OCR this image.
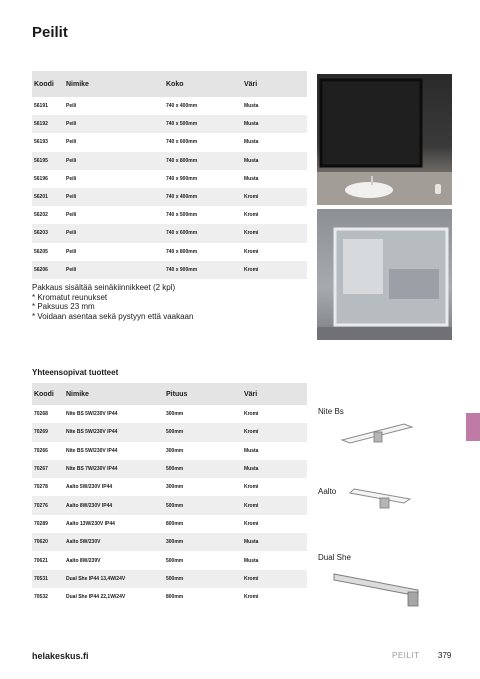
Peilit
Koodi	Nimike	Koko	Väri
56191	Peili	740 x 400mm	Musta
56192	Peili	740 x 500mm	Musta
56193	Peili	740 x 600mm	Musta
56195	Peili	740 x 800mm	Musta
56196	Peili	740 x 900mm	Musta
56201	Peili	740 x 400mm	Kromi
56202	Peili	740 x 500mm	Kromi
56203	Peili	740 x 600mm	Kromi
56205	Peili	740 x 800mm	Kromi
56206	Peili	740 x 900mm	Kromi
Pakkaus sisältää seinäkiinnikkeet (2 kpl)
* Kromatut reunukset
* Paksuus 23 mm
* Voidaan asentaa sekä pystyyn että vaakaan
Yhteensopivat tuotteet
Koodi	Nimike	Pituus	Väri
70268	Nite BS 5W/230V IP44	300mm	Kromi
70269	Nite BS 5W/230V IP44	500mm	Kromi
70266	Nite BS 5W/230V IP44	300mm	Musta
70267	Nite BS 7W/230V IP44	500mm	Musta
70278	Aalto 5W/230V IP44	300mm	Kromi
70276	Aalto 8W/230V IP44	500mm	Kromi
70289	Aalto 13W/230V IP44	800mm	Kromi
70620	Aalto 5W/230V	300mm	Musta
70621	Aalto 8W/239V	500mm	Musta
70531	Dual She IP44 13,4W/24V	500mm	Kromi
70532	Dual She IP44 22,1W/24V	800mm	Kromi
Nite Bs
Aalto
Dual She
helakeskus.fi	PEILIT 379
